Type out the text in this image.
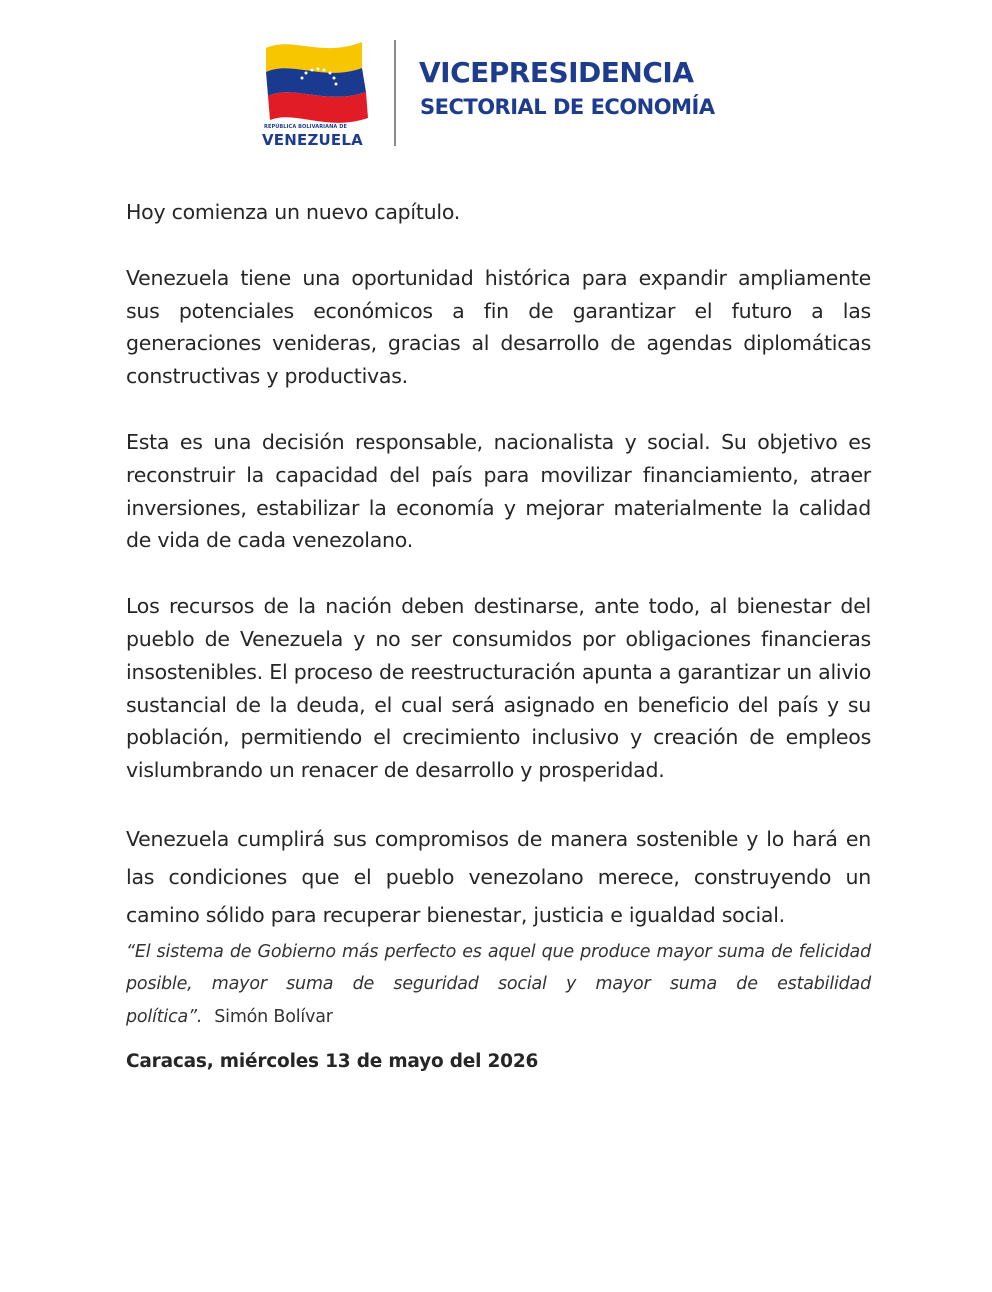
REPÚBLICA BOLIVARIANA DE
VENEZUELA
VICEPRESIDENCIA
SECTORIAL DE ECONOMÍA

Hoy comienza un nuevo capítulo.

Venezuela tiene una oportunidad histórica para expandir ampliamente sus potenciales económicos a fin de garantizar el futuro a las generaciones venideras, gracias al desarrollo de agendas diplomáticas constructivas y productivas.

Esta es una decisión responsable, nacionalista y social. Su objetivo es reconstruir la capacidad del país para movilizar financiamiento, atraer inversiones, estabilizar la economía y mejorar materialmente la calidad de vida de cada venezolano.

Los recursos de la nación deben destinarse, ante todo, al bienestar del pueblo de Venezuela y no ser consumidos por obligaciones financieras insostenibles. El proceso de reestructuración apunta a garantizar un alivio sustancial de la deuda, el cual será asignado en beneficio del país y su población, permitiendo el crecimiento inclusivo y creación de empleos vislumbrando un renacer de desarrollo y prosperidad.

Venezuela cumplirá sus compromisos de manera sostenible y lo hará en las condiciones que el pueblo venezolano merece, construyendo un camino sólido para recuperar bienestar, justicia e igualdad social.

“El sistema de Gobierno más perfecto es aquel que produce mayor suma de felicidad posible, mayor suma de seguridad social y mayor suma de estabilidad política”. Simón Bolívar

Caracas, miércoles 13 de mayo del 2026
